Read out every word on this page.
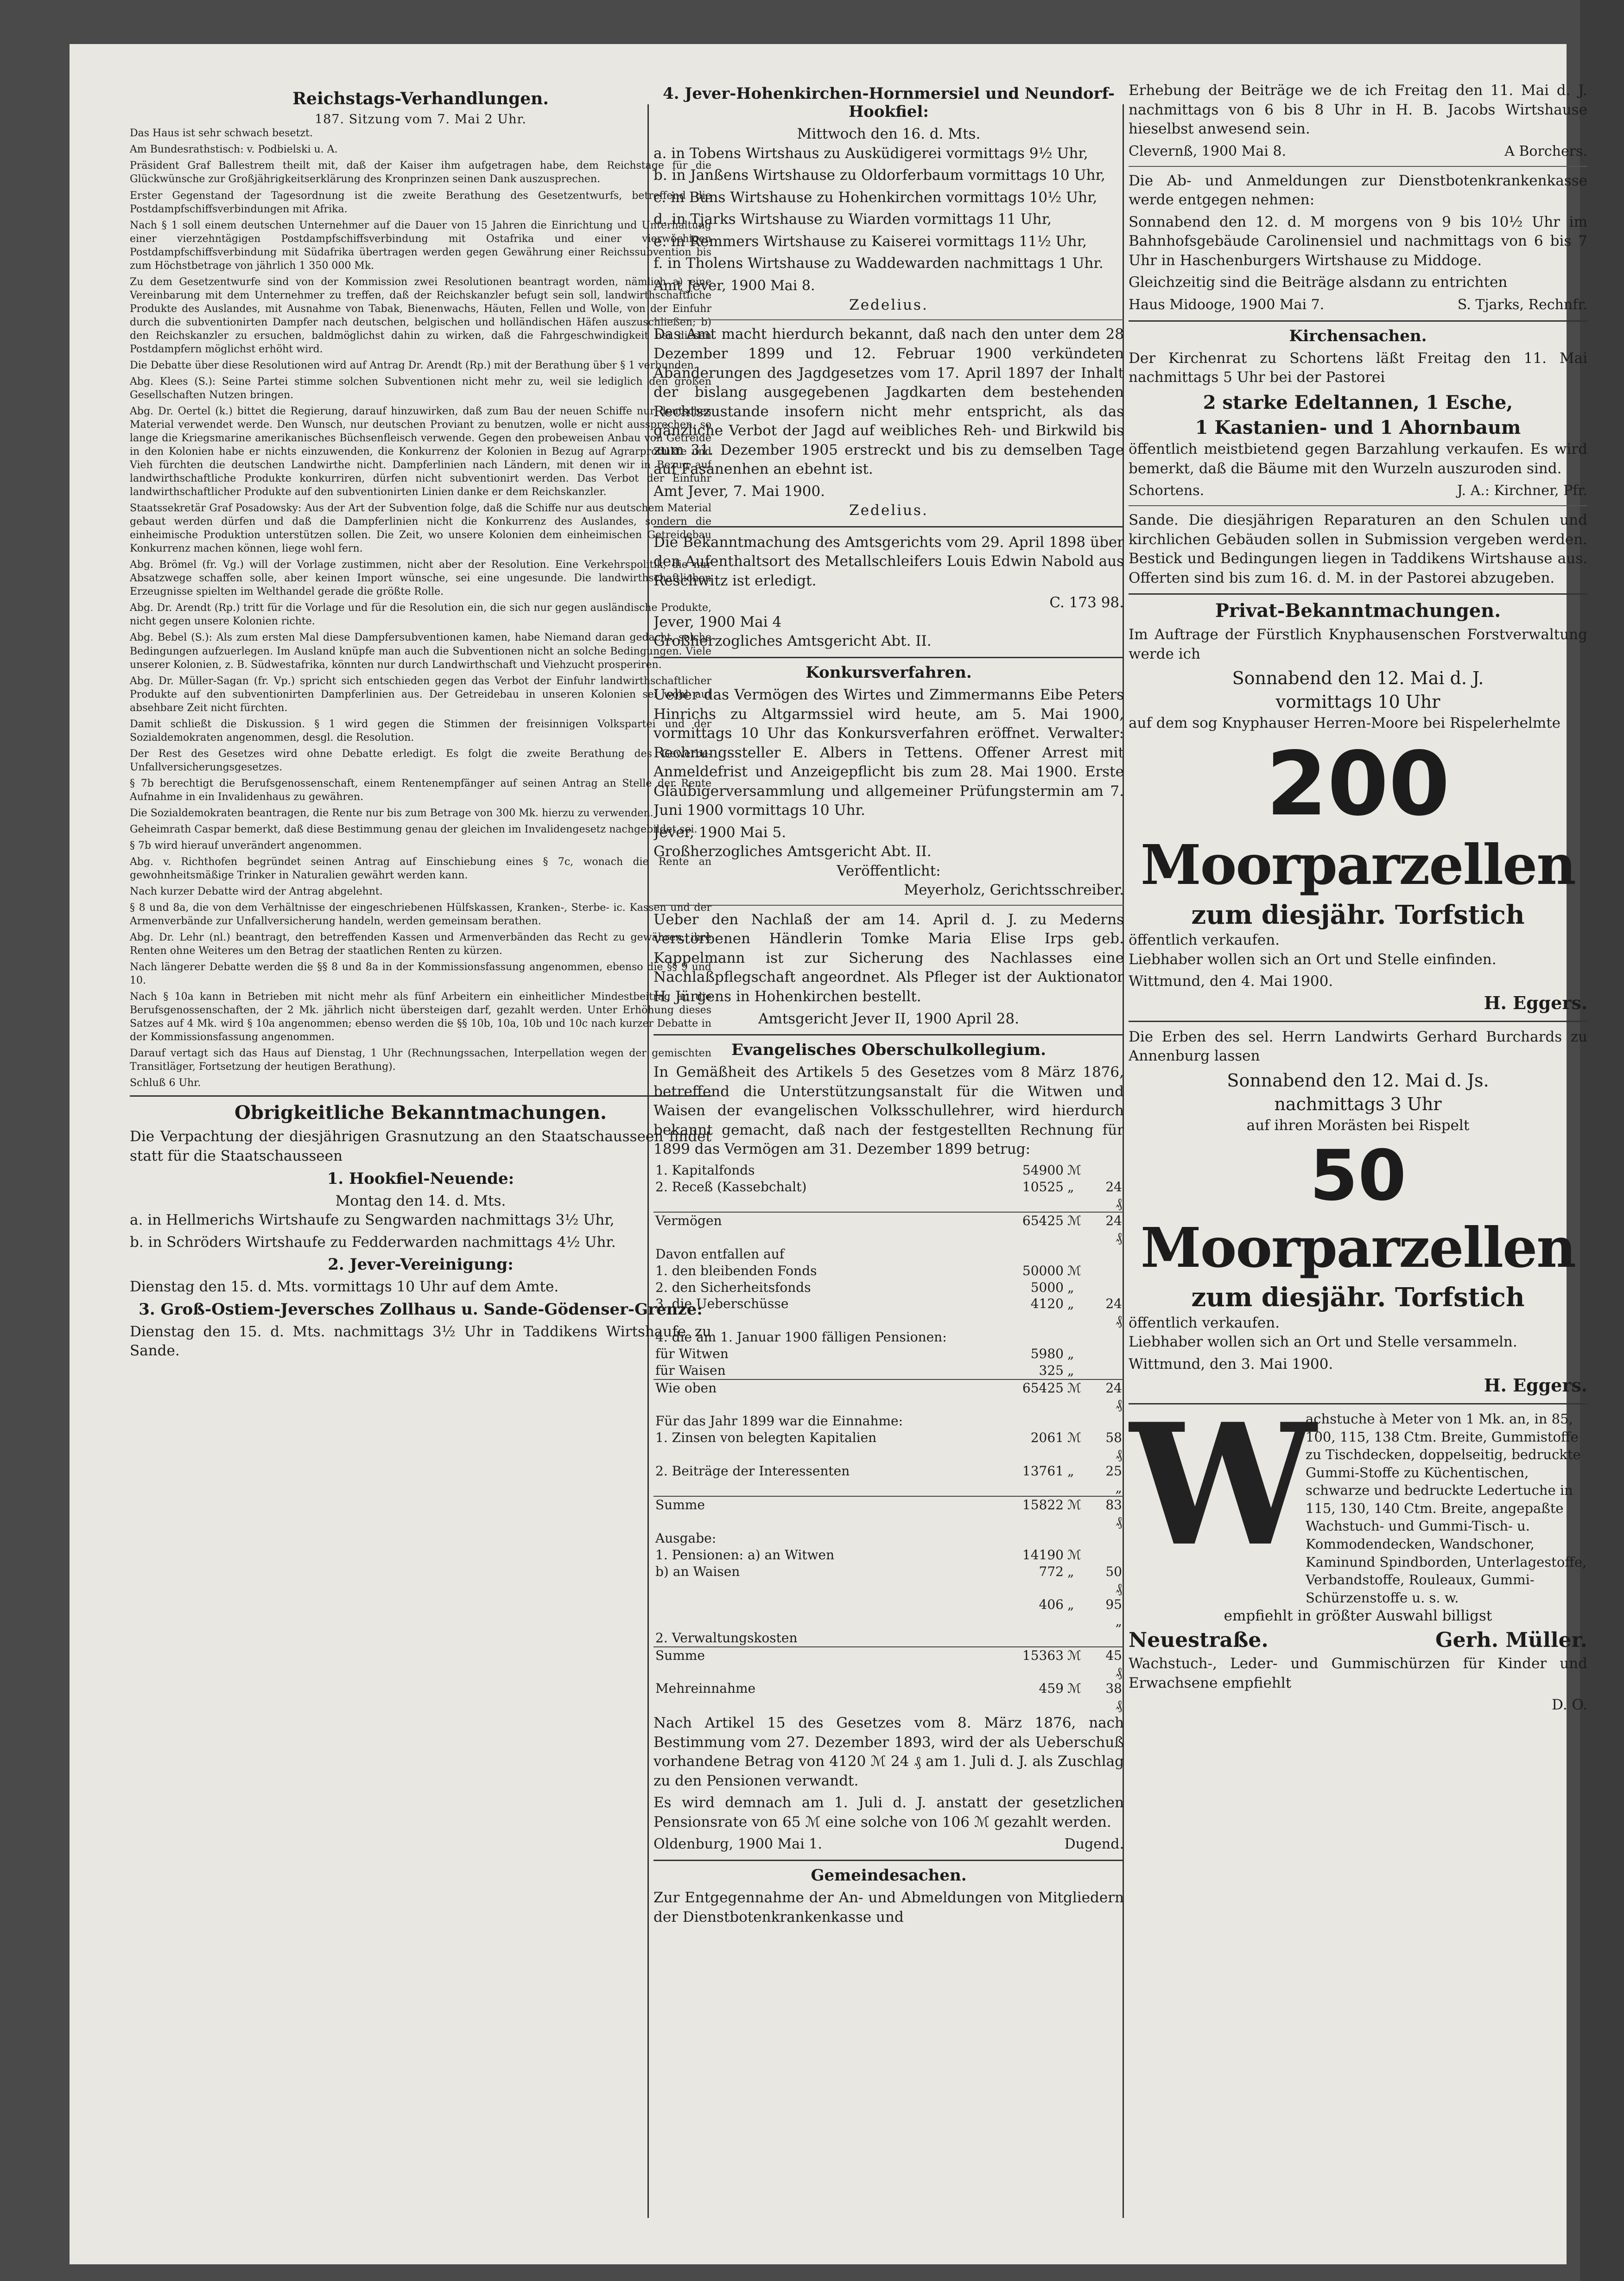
Reichstags-Verhandlungen.
187. Sitzung vom 7. Mai 2 Uhr.

Das Haus ist sehr schwach besetzt.

Am Bundesrathstisch: v. Podbielski u. A.

Präsident Graf Ballestrem theilt mit, daß der Kaiser ihm aufgetragen habe, dem Reichstage für die Glückwünsche zur Großjährigkeitserklärung des Kronprinzen seinen Dank auszusprechen.

Erster Gegenstand der Tagesordnung ist die zweite Berathung des Gesetzentwurfs, betreffend die Postdampfschiffsverbindungen mit Afrika.

Nach § 1 soll einem deutschen Unternehmer auf die Dauer von 15 Jahren die Einrichtung und Unterhaltung einer vierzehntägigen Postdampfschiffsverbindung mit Ostafrika und einer vierwöchigen Postdampfschiffsverbindung mit Südafrika übertragen werden gegen Gewährung einer Reichssubvention bis zum Höchstbetrage von jährlich 1 350 000 Mk.

Zu dem Gesetzentwurfe sind von der Kommission zwei Resolutionen beantragt worden, nämlich a) eine Vereinbarung mit dem Unternehmer zu treffen, daß der Reichskanzler befugt sein soll, landwirthschaftliche Produkte des Auslandes, mit Ausnahme von Tabak, Bienenwachs, Häuten, Fellen und Wolle, von der Einfuhr durch die subventionirten Dampfer nach deutschen, belgischen und holländischen Häfen auszuschließen; b) den Reichskanzler zu ersuchen, baldmöglichst dahin zu wirken, daß die Fahrgeschwindigkeit bei diesen Postdampfern möglichst erhöht wird.

Die Debatte über diese Resolutionen wird auf Antrag Dr. Arendt (Rp.) mit der Berathung über § 1 verbunden.

Abg. Klees (S.): Seine Partei stimme solchen Subventionen nicht mehr zu, weil sie lediglich den großen Gesellschaften Nutzen bringen.

Abg. Dr. Oertel (k.) bittet die Regierung, darauf hinzuwirken, daß zum Bau der neuen Schiffe nur deutsches Material verwendet werde. Den Wunsch, nur deutschen Proviant zu benutzen, wolle er nicht aussprechen, so lange die Kriegsmarine amerikanisches Büchsenfleisch verwende. Gegen den probeweisen Anbau von Getreide in den Kolonien habe er nichts einzuwenden, die Konkurrenz der Kolonien in Bezug auf Agrarprodukte und Vieh fürchten die deutschen Landwirthe nicht. Dampferlinien nach Ländern, mit denen wir in Bezug auf landwirthschaftliche Produkte konkurriren, dürfen nicht subventionirt werden. Das Verbot der Einfuhr landwirthschaftlicher Produkte auf den subventionirten Linien danke er dem Reichskanzler.

Staatssekretär Graf Posadowsky: Aus der Art der Subvention folge, daß die Schiffe nur aus deutschem Material gebaut werden dürfen und daß die Dampferlinien nicht die Konkurrenz des Auslandes, sondern die einheimische Produktion unterstützen sollen. Die Zeit, wo unsere Kolonien dem einheimischen Getreidebau Konkurrenz machen können, liege wohl fern.

Abg. Brömel (fr. Vg.) will der Vorlage zustimmen, nicht aber der Resolution. Eine Verkehrspolitik, die nur Absatzwege schaffen solle, aber keinen Import wünsche, sei eine ungesunde. Die landwirthschaftlichen Erzeugnisse spielten im Welthandel gerade die größte Rolle.

Abg. Dr. Arendt (Rp.) tritt für die Vorlage und für die Resolution ein, die sich nur gegen ausländische Produkte, nicht gegen unsere Kolonien richte.

Abg. Bebel (S.): Als zum ersten Mal diese Dampfersubventionen kamen, habe Niemand daran gedacht, solche Bedingungen aufzuerlegen. Im Ausland knüpfe man auch die Subventionen nicht an solche Bedingungen. Viele unserer Kolonien, z. B. Südwestafrika, könnten nur durch Landwirthschaft und Viehzucht prosperiren.

Abg. Dr. Müller-Sagan (fr. Vp.) spricht sich entschieden gegen das Verbot der Einfuhr landwirthschaftlicher Produkte auf den subventionirten Dampferlinien aus. Der Getreidebau in unseren Kolonien sei wohl auf absehbare Zeit nicht fürchten.

Damit schließt die Diskussion. § 1 wird gegen die Stimmen der freisinnigen Volkspartei und der Sozialdemokraten angenommen, desgl. die Resolution.

Der Rest des Gesetzes wird ohne Debatte erledigt. Es folgt die zweite Berathung des Gewerbe-Unfallversicherungsgesetzes.

§ 7b berechtigt die Berufsgenossenschaft, einem Rentenempfänger auf seinen Antrag an Stelle der Rente Aufnahme in ein Invalidenhaus zu gewähren.

Die Sozialdemokraten beantragen, die Rente nur bis zum Betrage von 300 Mk. hierzu zu verwenden.

Geheimrath Caspar bemerkt, daß diese Bestimmung genau der gleichen im Invalidengesetz nachgebildet sei.

§ 7b wird hierauf unverändert angenommen.

Abg. v. Richthofen begründet seinen Antrag auf Einschiebung eines § 7c, wonach die Rente an gewohnheitsmäßige Trinker in Naturalien gewährt werden kann.

Nach kurzer Debatte wird der Antrag abgelehnt.

§ 8 und 8a, die von dem Verhältnisse der eingeschriebenen Hülfskassen, Kranken-, Sterbe- ic. Kassen und der Armenverbände zur Unfallversicherung handeln, werden gemeinsam berathen.

Abg. Dr. Lehr (nl.) beantragt, den betreffenden Kassen und Armenverbänden das Recht zu gewähren, ihre Renten ohne Weiteres um den Betrag der staatlichen Renten zu kürzen.

Nach längerer Debatte werden die §§ 8 und 8a in der Kommissionsfassung angenommen, ebenso die §§ 9 und 10.

Nach § 10a kann in Betrieben mit nicht mehr als fünf Arbeitern ein einheitlicher Mindestbeitrag an die Berufsgenossenschaften, der 2 Mk. jährlich nicht übersteigen darf, gezahlt werden. Unter Erhöhung dieses Satzes auf 4 Mk. wird § 10a angenommen; ebenso werden die §§ 10b, 10a, 10b und 10c nach kurzer Debatte in der Kommissionsfassung angenommen.

Darauf vertagt sich das Haus auf Dienstag, 1 Uhr (Rechnungssachen, Interpellation wegen der gemischten Transitläger, Fortsetzung der heutigen Berathung).

Schluß 6 Uhr.

Obrigkeitliche Bekanntmachungen.

Die Verpachtung der diesjährigen Grasnutzung an den Staatschausseen findet statt für die Staatschausseen

1. Hookfiel-Neuende:
Montag den 14. d. Mts.

a. in Hellmerichs Wirtshaufe zu Sengwarden nachmittags 3½ Uhr,

b. in Schröders Wirtshaufe zu Fedderwarden nachmittags 4½ Uhr.

2. Jever-Vereinigung:

Dienstag den 15. d. Mts. vormittags 10 Uhr auf dem Amte.

3. Groß-Ostiem-Jeversches Zollhaus u. Sande-Gödenser-Grenze:

Dienstag den 15. d. Mts. nachmittags 3½ Uhr in Taddikens Wirtshaufe zu Sande.

4. Jever-Hohenkirchen-Hornmersiel und Neundorf-Hookfiel:
Mittwoch den 16. d. Mts.

a. in Tobens Wirtshaus zu Ausküdigerei vormittags 9½ Uhr,

b. in Janßens Wirtshause zu Oldorferbaum vormittags 10 Uhr,

c. in Buns Wirtshause zu Hohenkirchen vormittags 10½ Uhr,

d. in Tjarks Wirtshause zu Wiarden vormittags 11 Uhr,

e. in Remmers Wirtshause zu Kaiserei vormittags 11½ Uhr,

f. in Tholens Wirtshause zu Waddewarden nachmittags 1 Uhr.

Amt Jever, 1900 Mai 8.
Zedelius.

Das Amt macht hierdurch bekannt, daß nach den unter dem 28 Dezember 1899 und 12. Februar 1900 verkündeten Abänderungen des Jagdgesetzes vom 17. April 1897 der Inhalt der bislang ausgegebenen Jagdkarten dem bestehenden Rechtszustande insofern nicht mehr entspricht, als das gänzliche Verbot der Jagd auf weibliches Reh- und Birkwild bis zum 31. Dezember 1905 erstreckt und bis zu demselben Tage auf Fasanenhen an ebehnt ist.

Amt Jever, 7. Mai 1900.
Zedelius.

Die Bekanntmachung des Amtsgerichts vom 29. April 1898 über den Aufenthaltsort des Metallschleifers Louis Edwin Nabold aus Reschwitz ist erledigt.

C. 173 98.
Jever, 1900 Mai 4
Großherzogliches Amtsgericht Abt. II.
Konkursverfahren.

Ueber das Vermögen des Wirtes und Zimmermanns Eibe Peters Hinrichs zu Altgarmssiel wird heute, am 5. Mai 1900, vormittags 10 Uhr das Konkursverfahren eröffnet. Verwalter: Rechnungssteller E. Albers in Tettens. Offener Arrest mit Anmeldefrist und Anzeigepflicht bis zum 28. Mai 1900. Erste Gläubigerversammlung und allgemeiner Prüfungstermin am 7. Juni 1900 vormittags 10 Uhr.

Jever, 1900 Mai 5.
Großherzogliches Amtsgericht Abt. II.
Veröffentlicht:
Meyerholz, Gerichtsschreiber.

Ueber den Nachlaß der am 14. April d. J. zu Mederns verstorbenen Händlerin Tomke Maria Elise Irps geb. Kappelmann ist zur Sicherung des Nachlasses eine Nachlaßpflegschaft angeordnet. Als Pfleger ist der Auktionator H. Jürgens in Hohenkirchen bestellt.

Amtsgericht Jever II, 1900 April 28.
Evangelisches Oberschulkollegium.

In Gemäßheit des Artikels 5 des Gesetzes vom 8 März 1876, betreffend die Unterstützungsanstalt für die Witwen und Waisen der evangelischen Volksschullehrer, wird hierdurch bekannt gemacht, daß nach der festgestellten Rechnung für 1899 das Vermögen am 31. Dezember 1899 betrug:

1. Kapitalfonds	54900	ℳ	
2. Receß (Kassebchalt)	10525	„	24 ₰
Vermögen	65425	ℳ	24 ₰
Davon entfallen auf			
1. den bleibenden Fonds	50000	ℳ	
2. den Sicherheitsfonds	5000	„	
3. die Ueberschüsse	4120	„	24 ₰
4. die am 1. Januar 1900 fälligen Pensionen:			
für Witwen	5980	„	
für Waisen	325	„	
Wie oben	65425	ℳ	24 ₰
Für das Jahr 1899 war die Einnahme:			
1. Zinsen von belegten Kapitalien	2061	ℳ	58 ₰
2. Beiträge der Interessenten	13761	„	25 „
Summe	15822	ℳ	83 ₰
Ausgabe:			
1. Pensionen: a) an Witwen	14190	ℳ	
b) an Waisen	772	„	50 ₰
	406	„	95 „
2. Verwaltungskosten			
Summe	15363	ℳ	45 ₰
Mehreinnahme	459	ℳ	38 ₰

Nach Artikel 15 des Gesetzes vom 8. März 1876, nach Bestimmung vom 27. Dezember 1893, wird der als Ueberschuß vorhandene Betrag von 4120 ℳ 24 ₰ am 1. Juli d. J. als Zuschlag zu den Pensionen verwandt.

Es wird demnach am 1. Juli d. J. anstatt der gesetzlichen Pensionsrate von 65 ℳ eine solche von 106 ℳ gezahlt werden.

Oldenburg, 1900 Mai 1.	Dugend.
Gemeindesachen.

Zur Entgegennahme der An- und Abmeldungen von Mitgliedern der Dienstbotenkrankenkasse und

Erhebung der Beiträge we de ich Freitag den 11. Mai d. J. nachmittags von 6 bis 8 Uhr in H. B. Jacobs Wirtshause hieselbst anwesend sein.

Clevernß, 1900 Mai 8.	A Borchers.

Die Ab- und Anmeldungen zur Dienstbotenkrankenkasse werde entgegen nehmen:

Sonnabend den 12. d. M morgens von 9 bis 10½ Uhr im Bahnhofsgebäude Carolinensiel und nachmittags von 6 bis 7 Uhr in Haschenburgers Wirtshause zu Middoge.

Gleichzeitig sind die Beiträge alsdann zu entrichten

Haus Midooge, 1900 Mai 7.	S. Tjarks, Rechnfr.
Kirchensachen.

Der Kirchenrat zu Schortens läßt Freitag den 11. Mai nachmittags 5 Uhr bei der Pastorei

2 starke Edeltannen, 1 Esche,
1 Kastanien- und 1 Ahornbaum

öffentlich meistbietend gegen Barzahlung verkaufen. Es wird bemerkt, daß die Bäume mit den Wurzeln auszuroden sind.

Schortens.	J. A.: Kirchner, Pfr.

Sande. Die diesjährigen Reparaturen an den Schulen und kirchlichen Gebäuden sollen in Submission vergeben werden. Bestick und Bedingungen liegen in Taddikens Wirtshause aus. Offerten sind bis zum 16. d. M. in der Pastorei abzugeben.

Privat-Bekanntmachungen.

Im Auftrage der Fürstlich Knyphausenschen Forstverwaltung werde ich

Sonnabend den 12. Mai d. J.
vormittags 10 Uhr

auf dem sog Knyphauser Herren-Moore bei Rispelerhelmte

200
Moorparzellen
zum diesjähr. Torfstich
öffentlich verkaufen.

Liebhaber wollen sich an Ort und Stelle einfinden.

Wittmund, den 4. Mai 1900.
H. Eggers.

Die Erben des sel. Herrn Landwirts Gerhard Burchards zu Annenburg lassen

Sonnabend den 12. Mai d. Js.
nachmittags 3 Uhr
auf ihren Morästen bei Rispelt
50
Moorparzellen
zum diesjähr. Torfstich
öffentlich verkaufen.

Liebhaber wollen sich an Ort und Stelle versammeln.

Wittmund, den 3. Mai 1900.
H. Eggers.
W
achstuche à Meter von 1 Mk. an, in 85, 100, 115, 138 Ctm. Breite, Gummistoffe zu Tischdecken, doppelseitig, bedruckte Gummi-Stoffe zu Küchentischen, schwarze und bedruckte Ledertuche in 115, 130, 140 Ctm. Breite, angepaßte Wachstuch- und Gummi-Tisch- u. Kommodendecken, Wandschoner, Kaminund Spindborden, Unterlagestoffe, Verbandstoffe, Rouleaux, Gummi-Schürzenstoffe u. s. w.
empfiehlt in größter Auswahl billigst
Neuestraße.	Gerh. Müller.

Wachstuch-, Leder- und Gummischürzen für Kinder und Erwachsene empfiehlt

D. O.
